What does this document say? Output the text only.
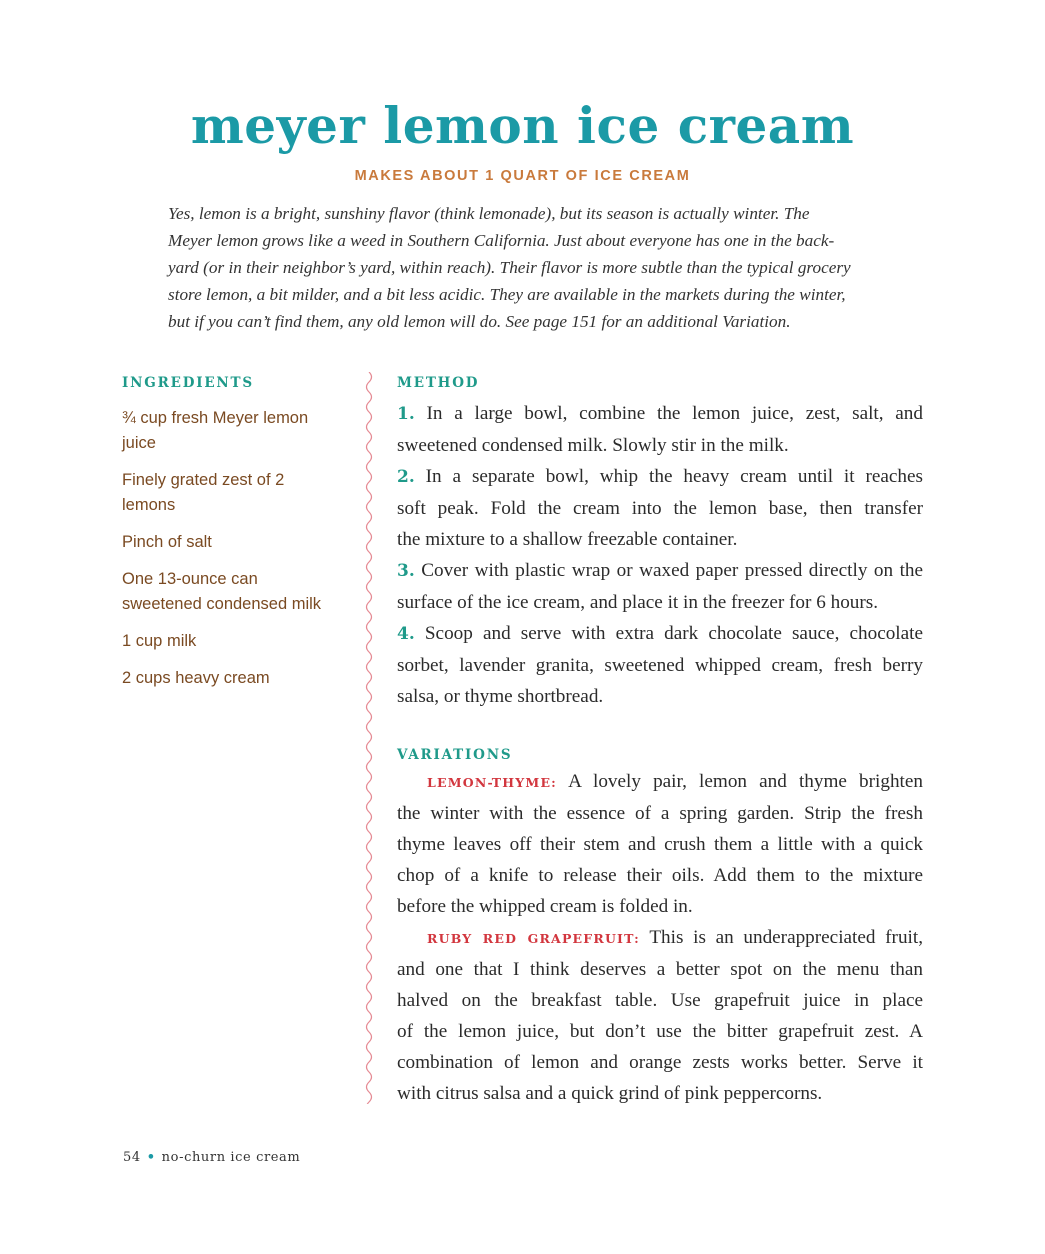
meyer lemon ice cream
MAKES ABOUT 1 QUART OF ICE CREAM

Yes, lemon is a bright, sunshiny flavor (think lemonade), but its season is actually winter. The
Meyer lemon grows like a weed in Southern California. Just about everyone has one in the back-
yard (or in their neighbor’s yard, within reach). Their flavor is more subtle than the typical grocery
store lemon, a bit milder, and a bit less acidic. They are available in the markets during the winter,
but if you can’t find them, any old lemon will do. See page 151 for an additional Variation.

INGREDIENTS
¾ cup fresh Meyer lemon
juice
Finely grated zest of 2
lemons
Pinch of salt
One 13-ounce can
sweetened condensed milk
1 cup milk
2 cups heavy cream
METHOD
1. In a large bowl, combine the lemon juice, zest, salt, and
sweetened condensed milk. Slowly stir in the milk.
2. In a separate bowl, whip the heavy cream until it reaches
soft peak. Fold the cream into the lemon base, then transfer
the mixture to a shallow freezable container.
3. Cover with plastic wrap or waxed paper pressed directly on the
surface of the ice cream, and place it in the freezer for 6 hours.
4. Scoop and serve with extra dark chocolate sauce, chocolate
sorbet, lavender granita, sweetened whipped cream, fresh berry
salsa, or thyme shortbread.
VARIATIONS
LEMON-THYME: A lovely pair, lemon and thyme brighten
the winter with the essence of a spring garden. Strip the fresh
thyme leaves off their stem and crush them a little with a quick
chop of a knife to release their oils. Add them to the mixture
before the whipped cream is folded in.
RUBY RED GRAPEFRUIT: This is an underappreciated fruit,
and one that I think deserves a better spot on the menu than
halved on the breakfast table. Use grapefruit juice in place
of the lemon juice, but don’t use the bitter grapefruit zest. A
combination of lemon and orange zests works better. Serve it
with citrus salsa and a quick grind of pink peppercorns.
54 • no-churn ice cream
